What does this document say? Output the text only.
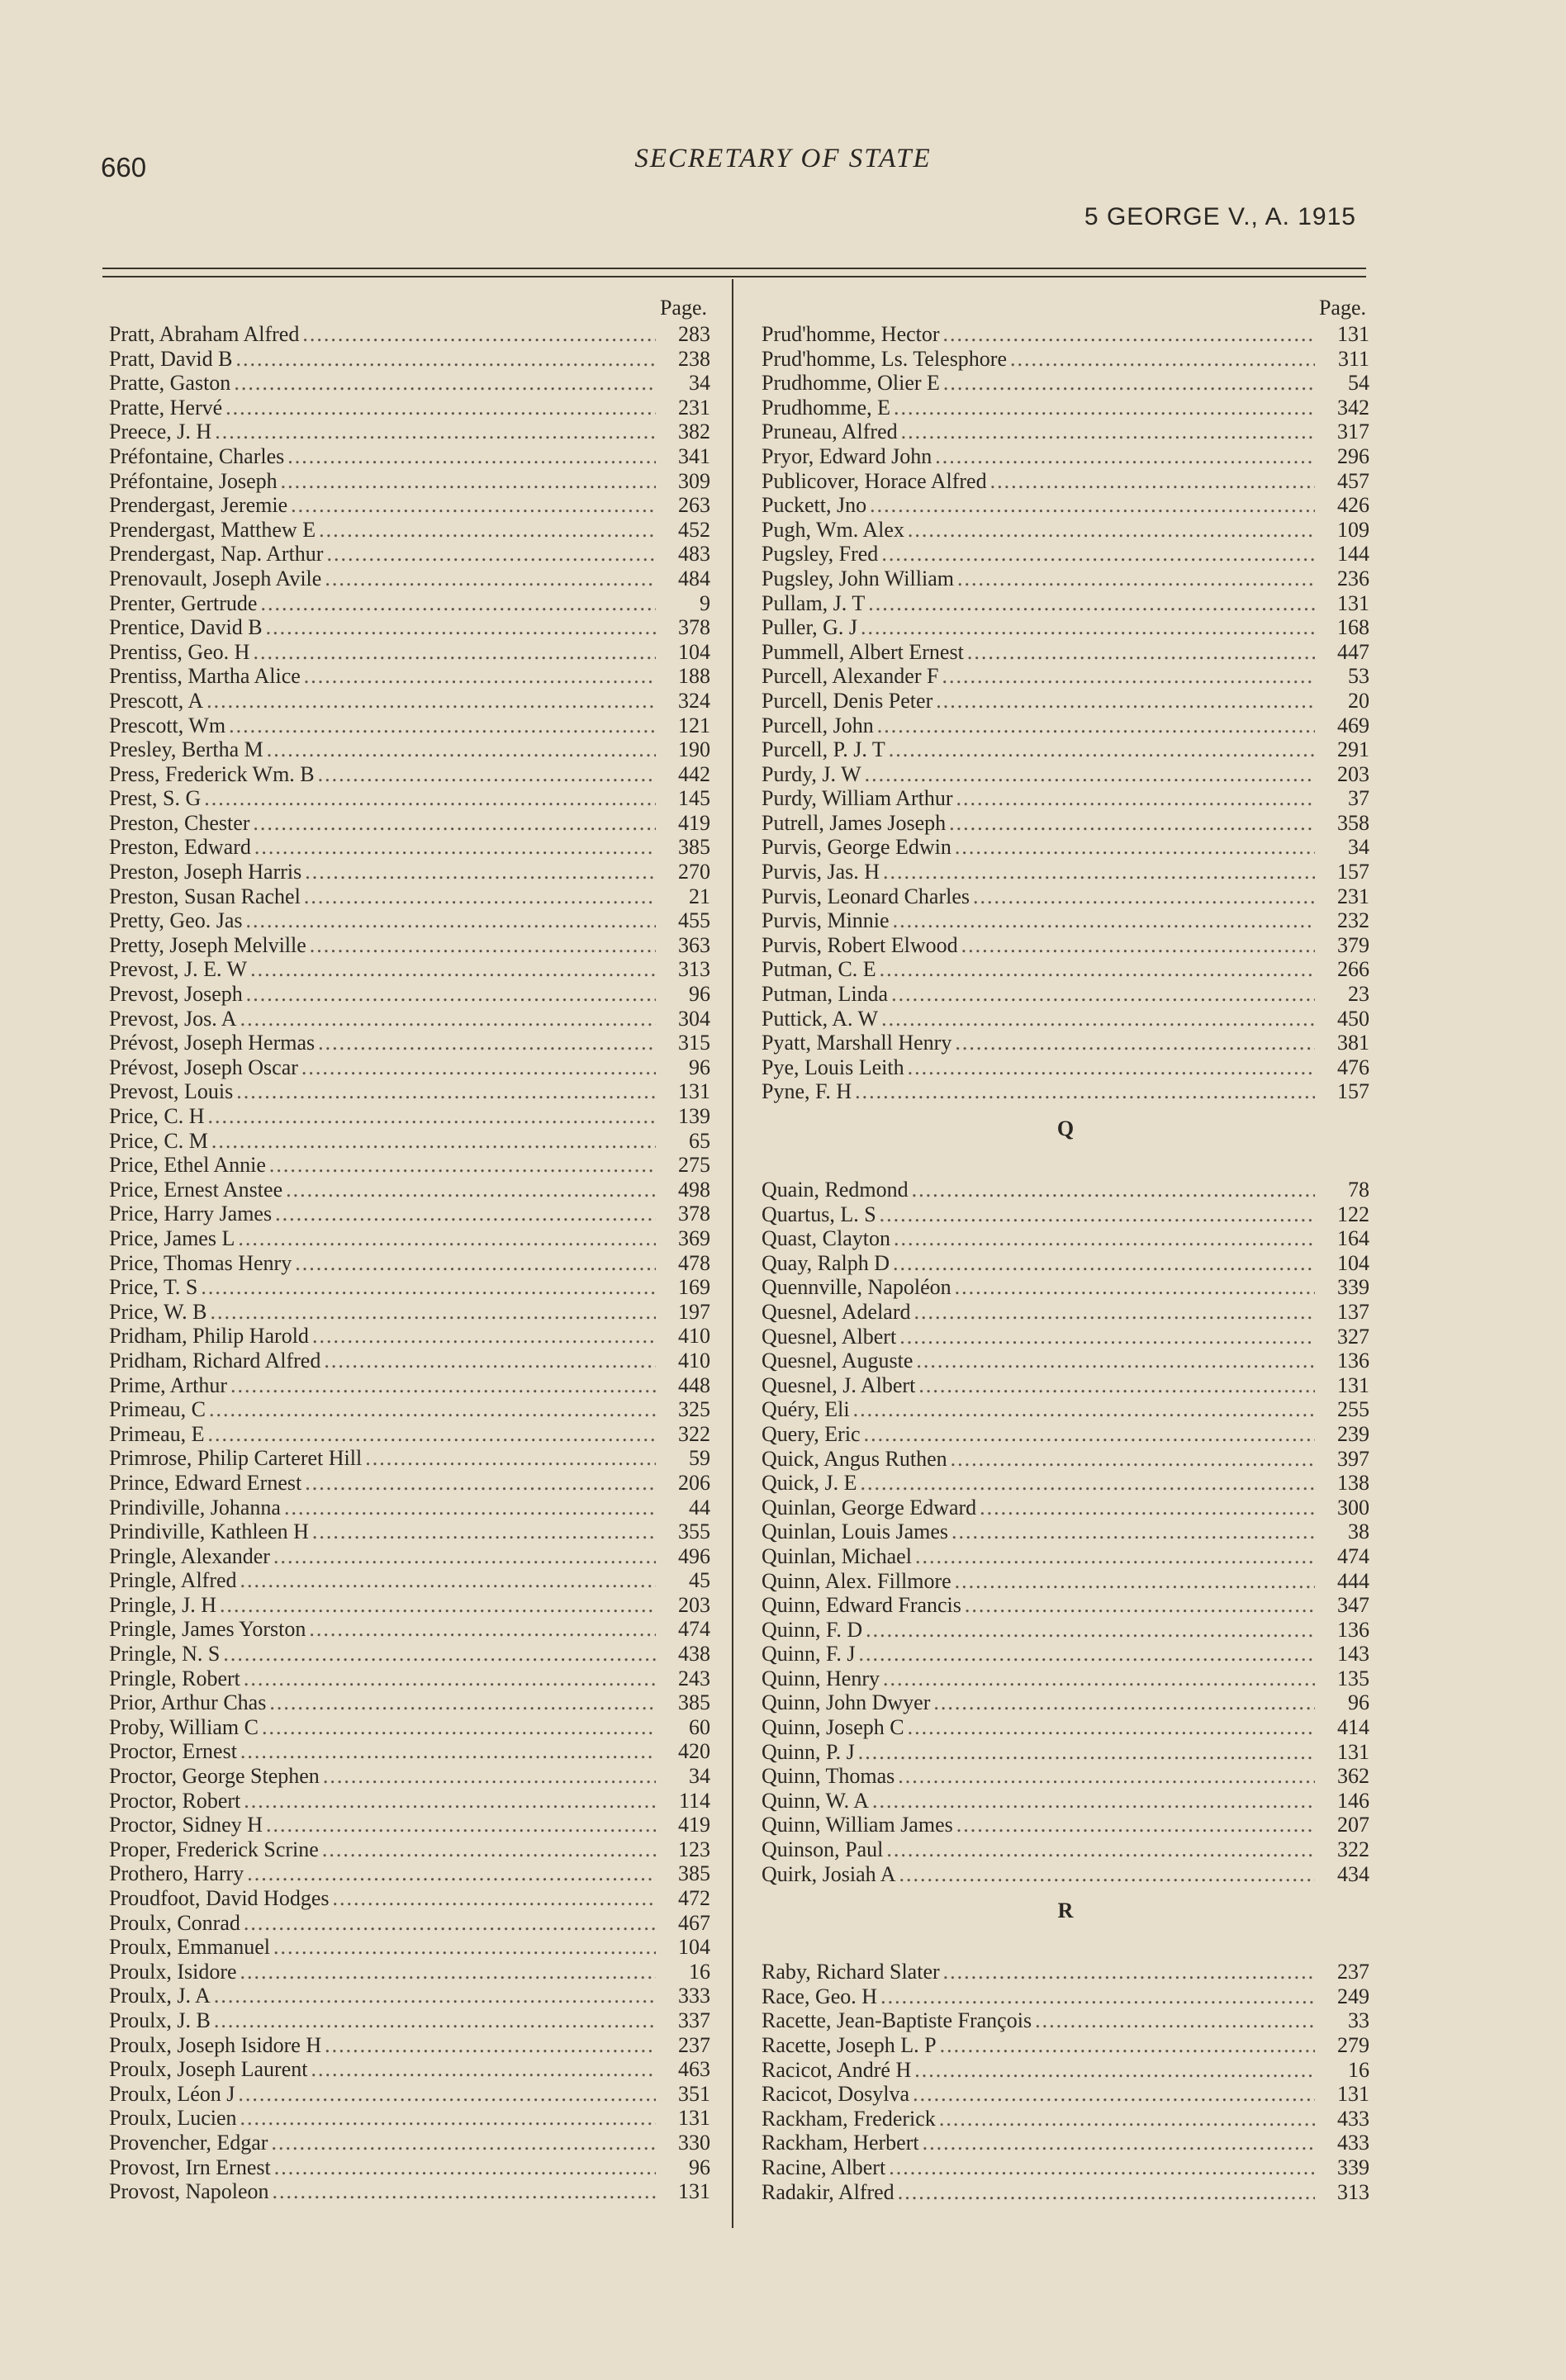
660	SECRETARY OF STATE
5 GEORGE V., A. 1915
Page.
Pratt, Abraham Alfred .....	283
Pratt, David B .....	238
Pratte, Gaston .....	34
Pratte, Hervé .....	231
Preece, J. H .....	382
Préfontaine, Charles .....	341
Préfontaine, Joseph .....	309
Prendergast, Jeremie .....	263
Prendergast, Matthew E .....	452
Prendergast, Nap. Arthur .....	483
Prenovault, Joseph Avile .....	484
Prenter, Gertrude .....	9
Prentice, David B .....	378
Prentiss, Geo. H .....	104
Prentiss, Martha Alice .....	188
Prescott, A .....	324
Prescott, Wm .....	121
Presley, Bertha M .....	190
Press, Frederick Wm. B .....	442
Prest, S. G .....	145
Preston, Chester .....	419
Preston, Edward .....	385
Preston, Joseph Harris .....	270
Preston, Susan Rachel .....	21
Pretty, Geo. Jas .....	455
Pretty, Joseph Melville .....	363
Prevost, J. E. W .....	313
Prevost, Joseph .....	96
Prevost, Jos. A .....	304
Prévost, Joseph Hermas .....	315
Prévost, Joseph Oscar .....	96
Prevost, Louis .....	131
Price, C. H .....	139
Price, C. M .....	65
Price, Ethel Annie .....	275
Price, Ernest Anstee .....	498
Price, Harry James .....	378
Price, James L .....	369
Price, Thomas Henry .....	478
Price, T. S .....	169
Price, W. B .....	197
Pridham, Philip Harold .....	410
Pridham, Richard Alfred .....	410
Prime, Arthur .....	448
Primeau, C .....	325
Primeau, E .....	322
Primrose, Philip Carteret Hill .....	59
Prince, Edward Ernest .....	206
Prindiville, Johanna .....	44
Prindiville, Kathleen H .....	355
Pringle, Alexander .....	496
Pringle, Alfred .....	45
Pringle, J. H .....	203
Pringle, James Yorston .....	474
Pringle, N. S .....	438
Pringle, Robert .....	243
Prior, Arthur Chas .....	385
Proby, William C .....	60
Proctor, Ernest .....	420
Proctor, George Stephen .....	34
Proctor, Robert .....	114
Proctor, Sidney H .....	419
Proper, Frederick Scrine .....	123
Prothero, Harry .....	385
Proudfoot, David Hodges .....	472
Proulx, Conrad .....	467
Proulx, Emmanuel .....	104
Proulx, Isidore .....	16
Proulx, J. A .....	333
Proulx, J. B .....	337
Proulx, Joseph Isidore H .....	237
Proulx, Joseph Laurent .....	463
Proulx, Léon J .....	351
Proulx, Lucien .....	131
Provencher, Edgar .....	330
Provost, Irn Ernest .....	96
Provost, Napoleon .....	131
Page.
Prud'homme, Hector .....	131
Prud'homme, Ls. Telesphore .....	311
Prudhomme, Olier E .....	54
Prudhomme, E .....	342
Pruneau, Alfred .....	317
Pryor, Edward John .....	296
Publicover, Horace Alfred .....	457
Puckett, Jno .....	426
Pugh, Wm. Alex .....	109
Pugsley, Fred .....	144
Pugsley, John William .....	236
Pullam, J. T .....	131
Puller, G. J .....	168
Pummell, Albert Ernest .....	447
Purcell, Alexander F .....	53
Purcell, Denis Peter .....	20
Purcell, John .....	469
Purcell, P. J. T .....	291
Purdy, J. W .....	203
Purdy, William Arthur .....	37
Putrell, James Joseph .....	358
Purvis, George Edwin .....	34
Purvis, Jas. H .....	157
Purvis, Leonard Charles .....	231
Purvis, Minnie .....	232
Purvis, Robert Elwood .....	379
Putman, C. E .....	266
Putman, Linda .....	23
Puttick, A. W .....	450
Pyatt, Marshall Henry .....	381
Pye, Louis Leith .....	476
Pyne, F. H .....	157
Q
Quain, Redmond .....	78
Quartus, L. S .....	122
Quast, Clayton .....	164
Quay, Ralph D .....	104
Quennville, Napoléon .....	339
Quesnel, Adelard .....	137
Quesnel, Albert .....	327
Quesnel, Auguste .....	136
Quesnel, J. Albert .....	131
Quéry, Eli .....	255
Query, Eric .....	239
Quick, Angus Ruthen .....	397
Quick, J. E .....	138
Quinlan, George Edward .....	300
Quinlan, Louis James .....	38
Quinlan, Michael .....	474
Quinn, Alex. Fillmore .....	444
Quinn, Edward Francis .....	347
Quinn, F. D .....	136
Quinn, F. J .....	143
Quinn, Henry .....	135
Quinn, John Dwyer .....	96
Quinn, Joseph C .....	414
Quinn, P. J .....	131
Quinn, Thomas .....	362
Quinn, W. A .....	146
Quinn, William James .....	207
Quinson, Paul .....	322
Quirk, Josiah A .....	434
R
Raby, Richard Slater .....	237
Race, Geo. H .....	249
Racette, Jean-Baptiste François .....	33
Racette, Joseph L. P .....	279
Racicot, André H .....	16
Racicot, Dosylva .....	131
Rackham, Frederick .....	433
Rackham, Herbert .....	433
Racine, Albert .....	339
Radakir, Alfred .....	313
